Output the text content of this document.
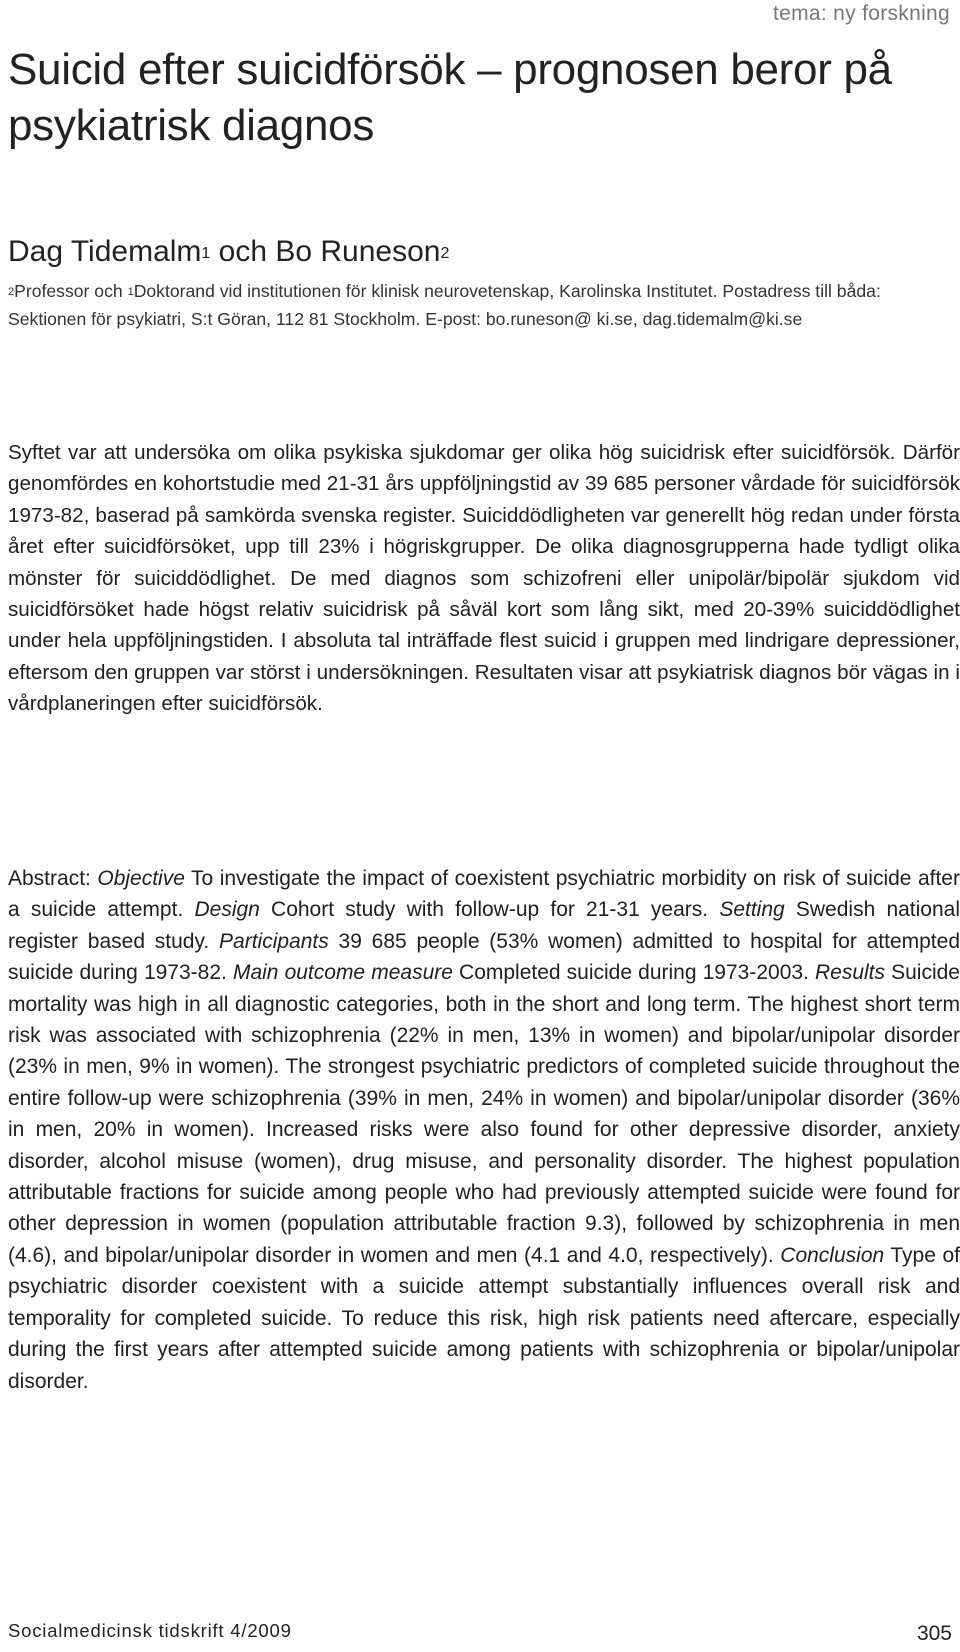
tema: ny forskning
Suicid efter suicidförsök – prognosen beror på psykiatrisk diagnos

Dag Tidemalm$^1$ och Bo Runeson$^2$

$^2$Professor och $^1$Doktorand vid institutionen för klinisk neurovetenskap, Karolinska Institutet. Postadress till båda: Sektionen för psykiatri, S:t Göran, 112 81 Stockholm. E-post: bo.runeson@ ki.se, dag.tidemalm@ki.se

Syftet var att undersöka om olika psykiska sjukdomar ger olika hög suicidrisk efter suicidförsök. Därför genomfördes en kohortstudie med 21-31 års uppföljningstid av 39 685 personer vårdade för suicidförsök 1973-82, baserad på samkörda svenska register. Suiciddödligheten var generellt hög redan under första året efter suicidförsöket, upp till 23% i högriskgrupper. De olika diagnosgrupperna hade tydligt olika mönster för suiciddödlighet. De med diagnos som schizofreni eller unipolär/bipolär sjukdom vid suicidförsöket hade högst relativ suicidrisk på såväl kort som lång sikt, med 20-39% suiciddödlighet under hela uppföljningstiden. I absoluta tal inträffade flest suicid i gruppen med lindrigare depressioner, eftersom den gruppen var störst i undersökningen. Resultaten visar att psykiatrisk diagnos bör vägas in i vårdplaneringen efter suicidförsök.

Abstract: Objective To investigate the impact of coexistent psychiatric morbidity on risk of suicide after a suicide attempt. Design Cohort study with follow-up for 21-31 years. Setting Swedish national register based study. Participants 39 685 people (53% women) admitted to hospital for attempted suicide during 1973-82. Main outcome measure Completed suicide during 1973-2003. Results Suicide mortality was high in all diagnostic categories, both in the short and long term. The highest short term risk was associated with schizophrenia (22% in men, 13% in women) and bipolar/unipolar disorder (23% in men, 9% in women). The strongest psychiatric predictors of completed suicide throughout the entire follow-up were schizophrenia (39% in men, 24% in women) and bipolar/unipolar disorder (36% in men, 20% in women). Increased risks were also found for other depressive disorder, anxiety disorder, alcohol misuse (women), drug misuse, and personality disorder. The highest population attributable fractions for suicide among people who had previously attempted suicide were found for other depression in women (population attributable fraction 9.3), followed by schizophrenia in men (4.6), and bipolar/unipolar disorder in women and men (4.1 and 4.0, respectively). Conclusion Type of psychiatric disorder coexistent with a suicide attempt substantially influences overall risk and temporality for completed suicide. To reduce this risk, high risk patients need aftercare, especially during the first years after attempted suicide among patients with schizophrenia or bipolar/unipolar disorder.

Socialmedicinsk tidskrift 4/2009	305
